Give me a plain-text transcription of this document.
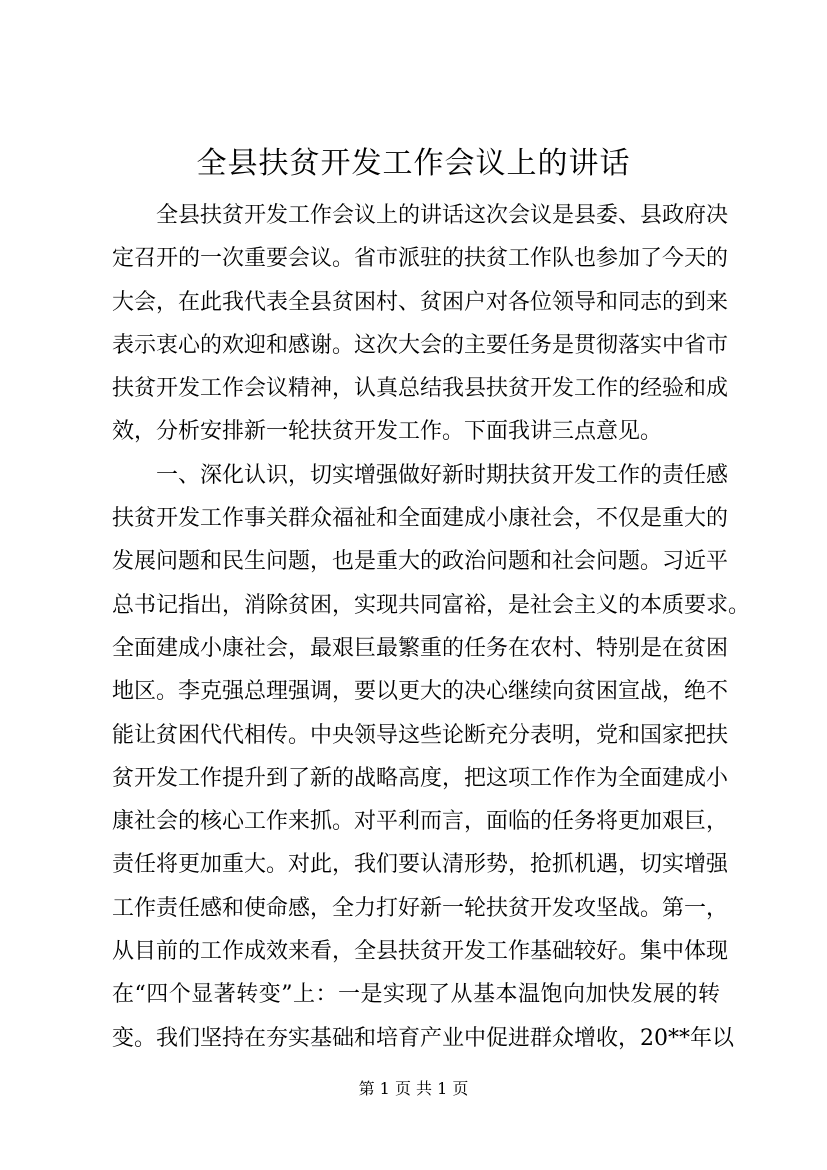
全县扶贫开发工作会议上的讲话
全县扶贫开发工作会议上的讲话这次会议是县委、县政府决
定召开的一次重要会议。省市派驻的扶贫工作队也参加了今天的
大会，在此我代表全县贫困村、贫困户对各位领导和同志的到来
表示衷心的欢迎和感谢。这次大会的主要任务是贯彻落实中省市
扶贫开发工作会议精神，认真总结我县扶贫开发工作的经验和成
效，分析安排新一轮扶贫开发工作。下面我讲三点意见。
一、深化认识，切实增强做好新时期扶贫开发工作的责任感
扶贫开发工作事关群众福祉和全面建成小康社会，不仅是重大的
发展问题和民生问题，也是重大的政治问题和社会问题。习近平
总书记指出，消除贫困，实现共同富裕，是社会主义的本质要求。
全面建成小康社会，最艰巨最繁重的任务在农村、特别是在贫困
地区。李克强总理强调，要以更大的决心继续向贫困宣战，绝不
能让贫困代代相传。中央领导这些论断充分表明，党和国家把扶
贫开发工作提升到了新的战略高度，把这项工作作为全面建成小
康社会的核心工作来抓。对平利而言，面临的任务将更加艰巨，
责任将更加重大。对此，我们要认清形势，抢抓机遇，切实增强
工作责任感和使命感，全力打好新一轮扶贫开发攻坚战。第一，
从目前的工作成效来看，全县扶贫开发工作基础较好。集中体现
在“四个显著转变”上：一是实现了从基本温饱向加快发展的转
变。我们坚持在夯实基础和培育产业中促进群众增收，20**年以
第 1 页 共 1 页
